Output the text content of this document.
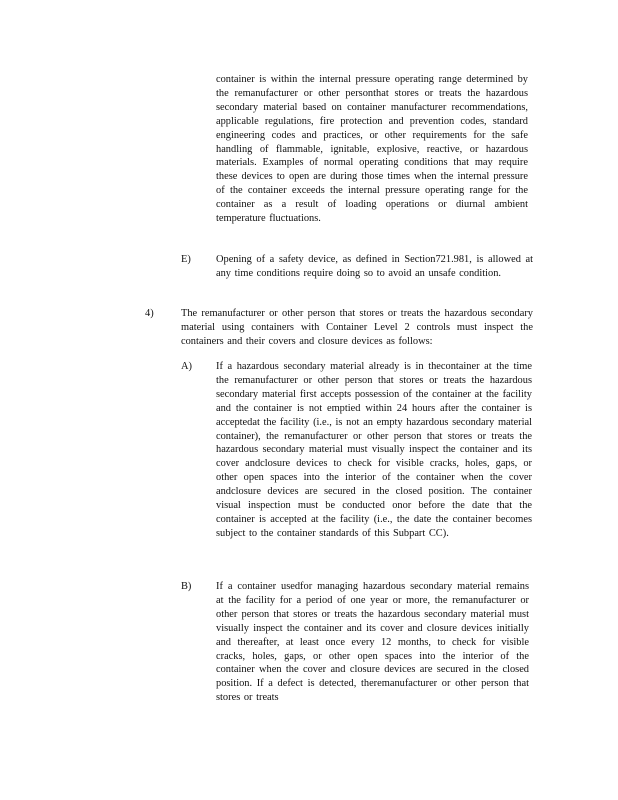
container is within the internal pressure operating range determined by the remanufacturer or other personthat stores or treats the hazardous secondary material based on container manufacturer recommendations, applicable regulations, fire protection and prevention codes, standard engineering codes and practices, or other requirements for the safe handling of flammable, ignitable, explosive, reactive, or hazardous materials. Examples of normal operating conditions that may require these devices to open are during those times when the internal pressure of the container exceeds the internal pressure operating range for the container as a result of loading operations or diurnal ambient temperature fluctuations.

E) Opening of a safety device, as defined in Section721.981, is allowed at any time conditions require doing so to avoid an unsafe condition.

4)	The remanufacturer or other person that stores or treats the hazardous secondary material using containers with Container Level 2 controls must inspect the containers and their covers and closure devices as follows:

A) If a hazardous secondary material already is in thecontainer at the time the remanufacturer or other person that stores or treats the hazardous secondary material first accepts possession of the container at the facility and the container is not emptied within 24 hours after the container is acceptedat the facility (i.e., is not an empty hazardous secondary material container), the remanufacturer or other person that stores or treats the hazardous secondary material must visually inspect the container and its cover andclosure devices to check for visible cracks, holes, gaps, or other open spaces into the interior of the container when the cover andclosure devices are secured in the closed position. The container visual inspection must be conducted onor before the date that the container is accepted at the facility (i.e., the date the container becomes subject to the container standards of this Subpart CC).

B) If a container usedfor managing hazardous secondary material remains at the facility for a period of one year or more, the remanufacturer or other person that stores or treats the hazardous secondary material must visually inspect the container and its cover and closure devices initially and thereafter, at least once every 12 months, to check for visible cracks, holes, gaps, or other open spaces into the interior of the container when the cover and closure devices are secured in the closed position. If a defect is detected, theremanufacturer or other person that stores or treats
